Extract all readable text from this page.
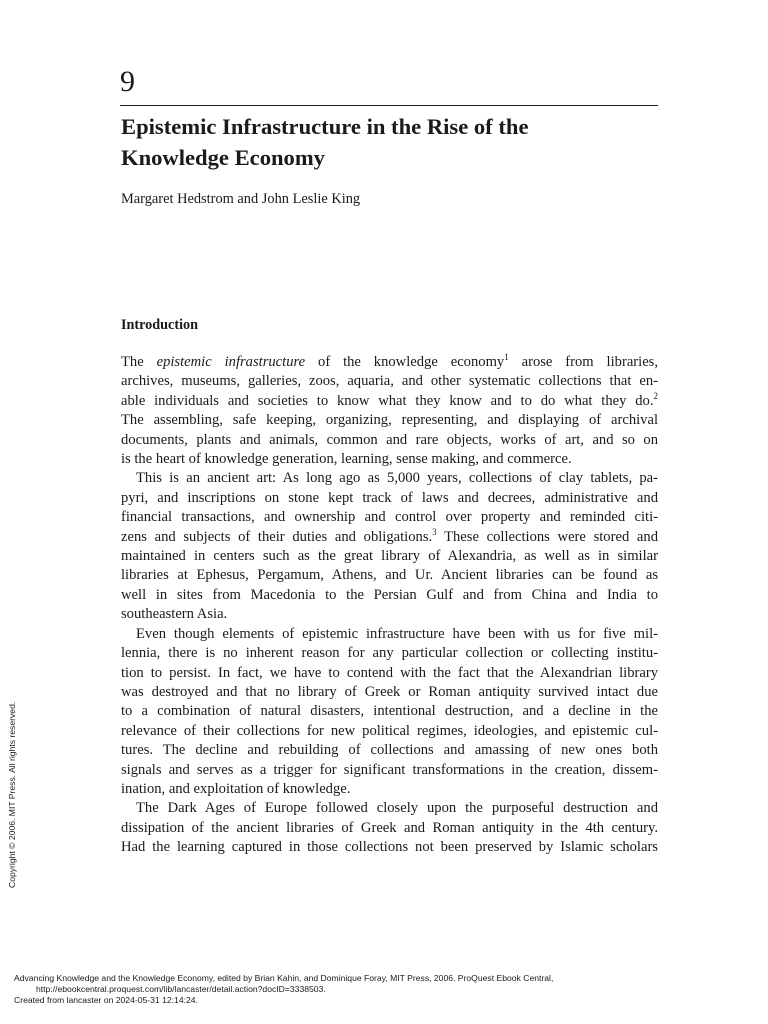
9
Epistemic Infrastructure in the Rise of the
Knowledge Economy
Margaret Hedstrom and John Leslie King
Introduction
The epistemic infrastructure of the knowledge economy$^1$ arose from libraries,
archives, museums, galleries, zoos, aquaria, and other systematic collections that en-
able individuals and societies to know what they know and to do what they do.$^2$
The assembling, safe keeping, organizing, representing, and displaying of archival
documents, plants and animals, common and rare objects, works of art, and so on
is the heart of knowledge generation, learning, sense making, and commerce.
This is an ancient art: As long ago as 5,000 years, collections of clay tablets, pa-
pyri, and inscriptions on stone kept track of laws and decrees, administrative and
financial transactions, and ownership and control over property and reminded citi-
zens and subjects of their duties and obligations.$^3$ These collections were stored and
maintained in centers such as the great library of Alexandria, as well as in similar
libraries at Ephesus, Pergamum, Athens, and Ur. Ancient libraries can be found as
well in sites from Macedonia to the Persian Gulf and from China and India to
southeastern Asia.
Even though elements of epistemic infrastructure have been with us for five mil-
lennia, there is no inherent reason for any particular collection or collecting institu-
tion to persist. In fact, we have to contend with the fact that the Alexandrian library
was destroyed and that no library of Greek or Roman antiquity survived intact due
to a combination of natural disasters, intentional destruction, and a decline in the
relevance of their collections for new political regimes, ideologies, and epistemic cul-
tures. The decline and rebuilding of collections and amassing of new ones both
signals and serves as a trigger for significant transformations in the creation, dissem-
ination, and exploitation of knowledge.
The Dark Ages of Europe followed closely upon the purposeful destruction and
dissipation of the ancient libraries of Greek and Roman antiquity in the 4th century.
Had the learning captured in those collections not been preserved by Islamic scholars
Copyright © 2006. MIT Press. All rights reserved.
Advancing Knowledge and the Knowledge Economy, edited by Brian Kahin, and Dominique Foray, MIT Press, 2006. ProQuest Ebook Central,
http://ebookcentral.proquest.com/lib/lancaster/detail.action?docID=3338503.
Created from lancaster on 2024-05-31 12:14:24.
